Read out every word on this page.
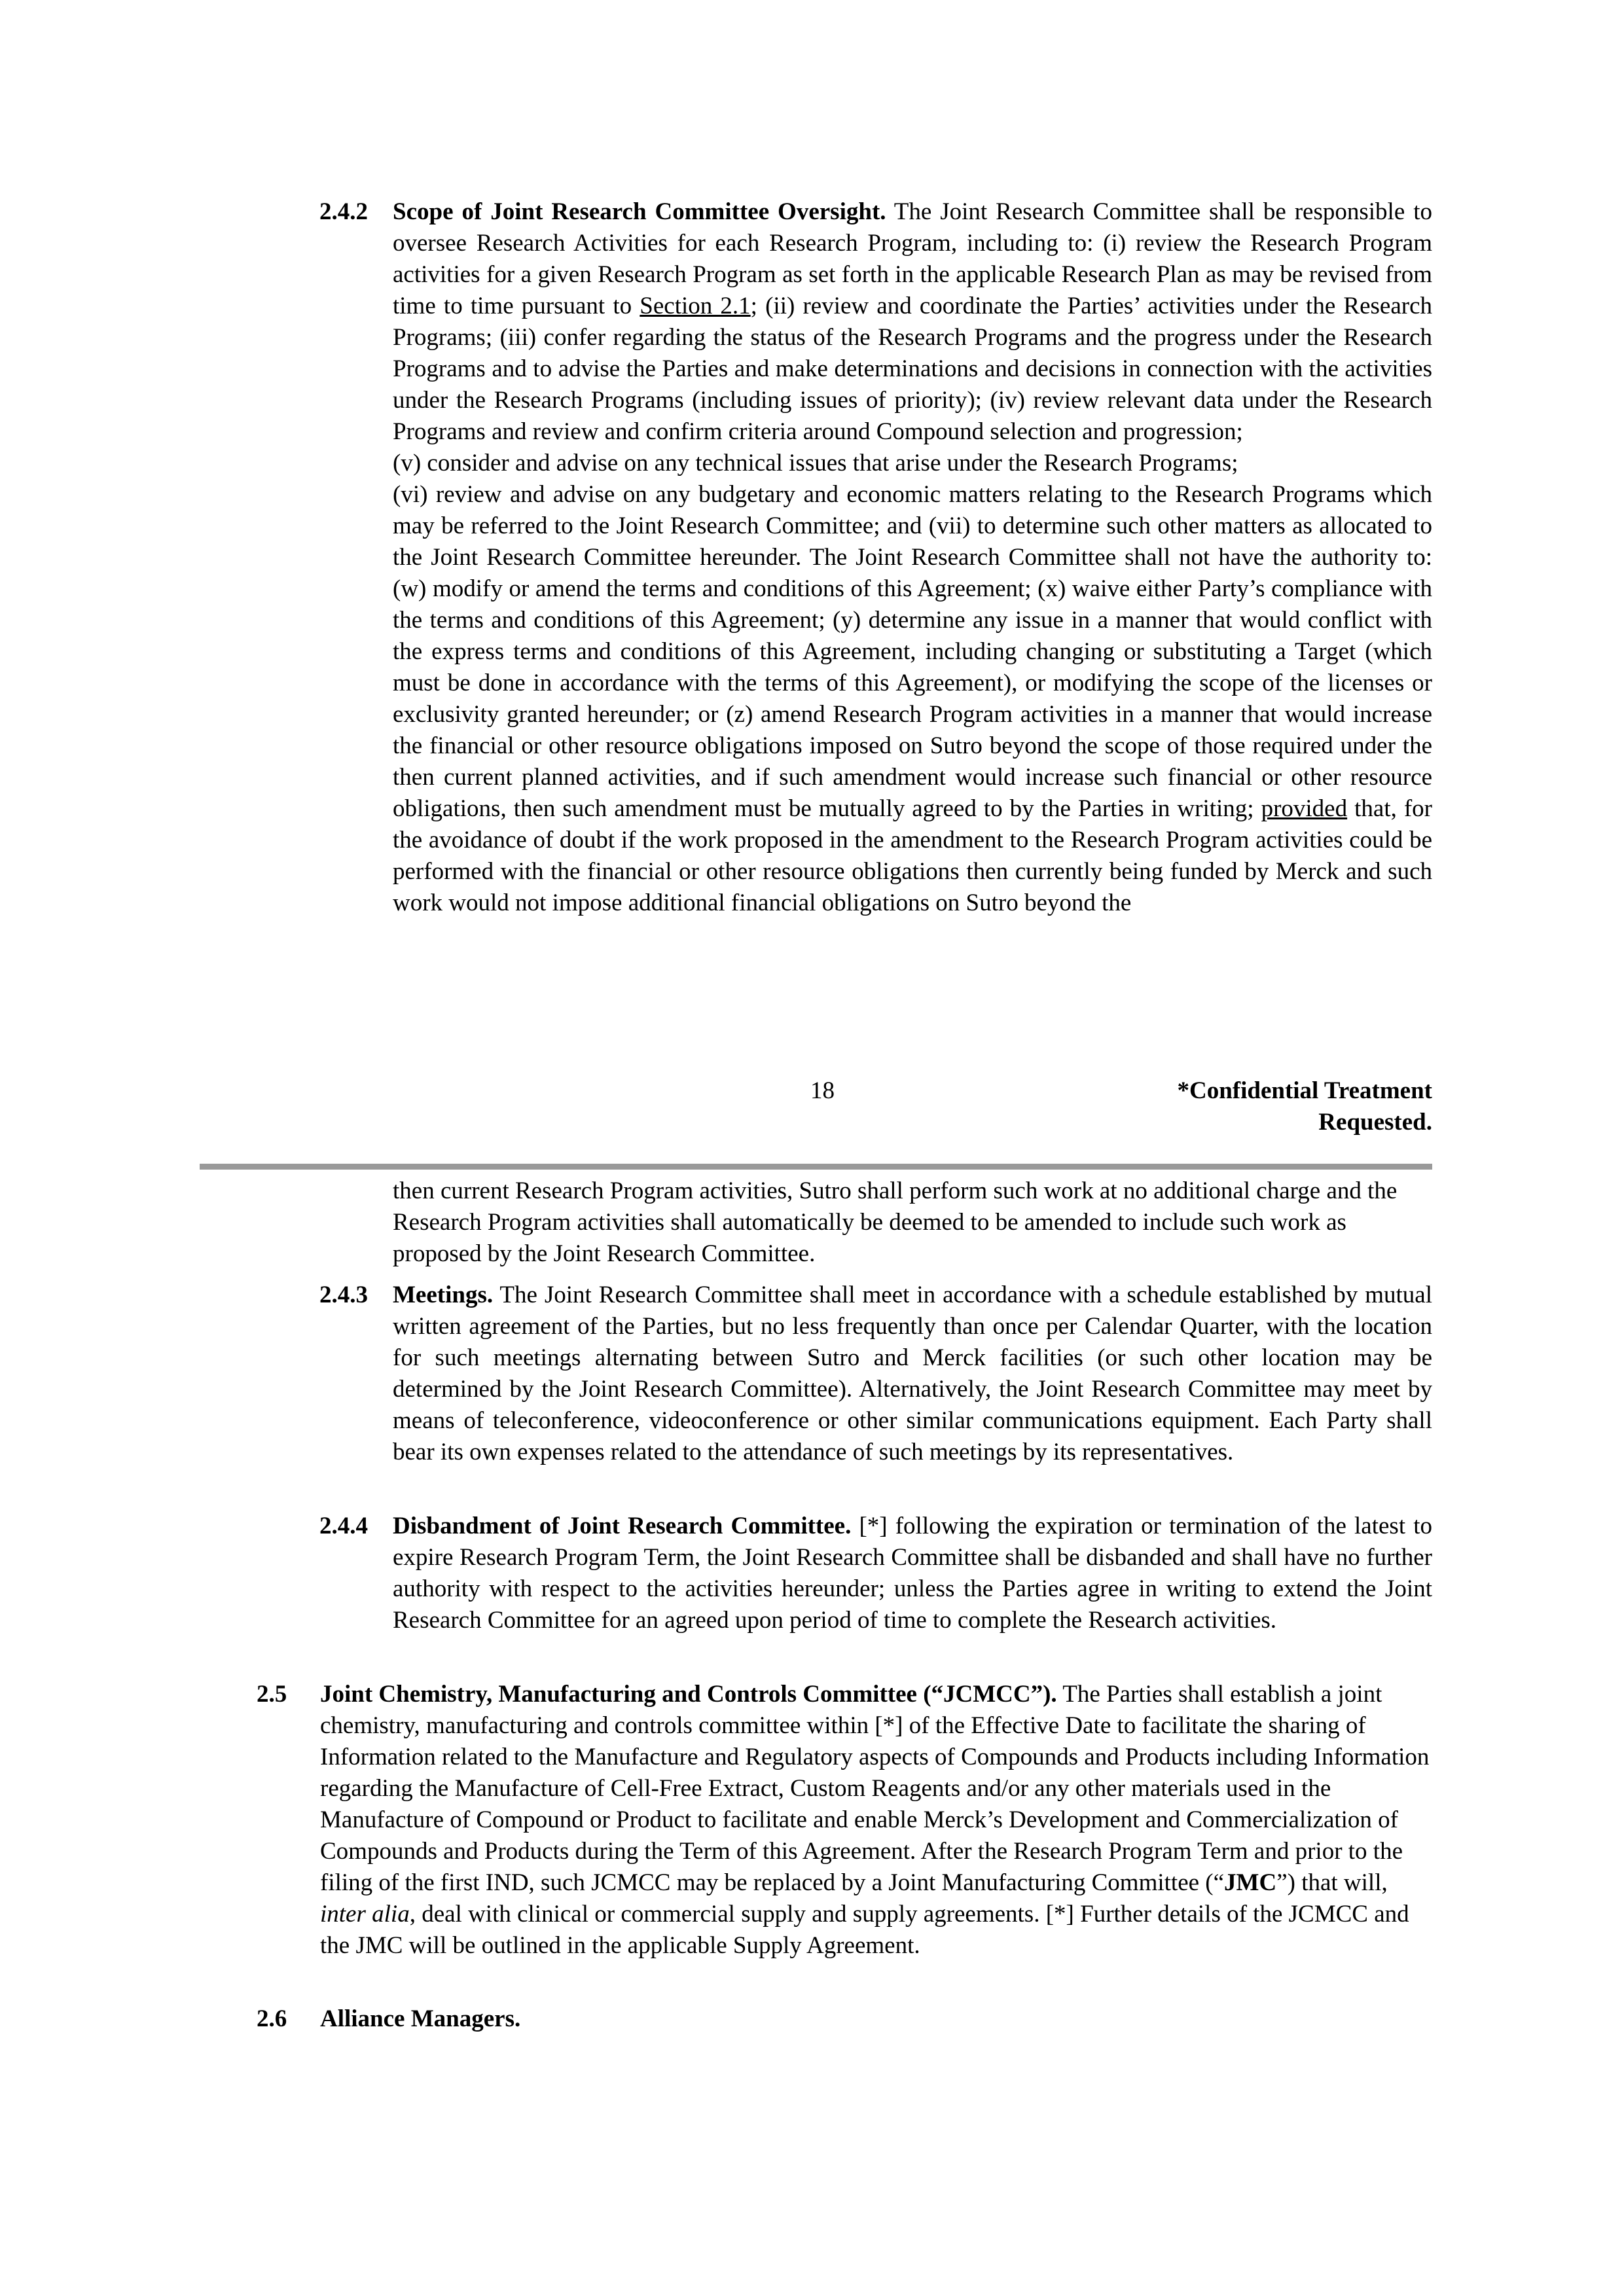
2.4.2 Scope of Joint Research Committee Oversight. The Joint Research Committee shall be responsible to oversee Research Activities for each Research Program, including to: (i) review the Research Program activities for a given Research Program as set forth in the applicable Research Plan as may be revised from time to time pursuant to Section 2.1; (ii) review and coordinate the Parties’ activities under the Research Programs; (iii) confer regarding the status of the Research Programs and the progress under the Research Programs and to advise the Parties and make determinations and decisions in connection with the activities under the Research Programs (including issues of priority); (iv) review relevant data under the Research Programs and review and confirm criteria around Compound selection and progression;
(v) consider and advise on any technical issues that arise under the Research Programs;
(vi) review and advise on any budgetary and economic matters relating to the Research Programs which may be referred to the Joint Research Committee; and (vii) to determine such other matters as allocated to the Joint Research Committee hereunder. The Joint Research Committee shall not have the authority to: (w) modify or amend the terms and conditions of this Agreement; (x) waive either Party’s compliance with the terms and conditions of this Agreement; (y) determine any issue in a manner that would conflict with the express terms and conditions of this Agreement, including changing or substituting a Target (which must be done in accordance with the terms of this Agreement), or modifying the scope of the licenses or exclusivity granted hereunder; or (z) amend Research Program activities in a manner that would increase the financial or other resource obligations imposed on Sutro beyond the scope of those required under the then current planned activities, and if such amendment would increase such financial or other resource obligations, then such amendment must be mutually agreed to by the Parties in writing; provided that, for the avoidance of doubt if the work proposed in the amendment to the Research Program activities could be performed with the financial or other resource obligations then currently being funded by Merck and such work would not impose additional financial obligations on Sutro beyond the
18	*Confidential Treatment
Requested.
then current Research Program activities, Sutro shall perform such work at no additional charge and the Research Program activities shall automatically be deemed to be amended to include such work as proposed by the Joint Research Committee.
2.4.3 Meetings. The Joint Research Committee shall meet in accordance with a schedule established by mutual written agreement of the Parties, but no less frequently than once per Calendar Quarter, with the location for such meetings alternating between Sutro and Merck facilities (or such other location may be determined by the Joint Research Committee). Alternatively, the Joint Research Committee may meet by means of teleconference, videoconference or other similar communications equipment. Each Party shall bear its own expenses related to the attendance of such meetings by its representatives.
2.4.4 Disbandment of Joint Research Committee. [*] following the expiration or termination of the latest to expire Research Program Term, the Joint Research Committee shall be disbanded and shall have no further authority with respect to the activities hereunder; unless the Parties agree in writing to extend the Joint Research Committee for an agreed upon period of time to complete the Research activities.
2.5 Joint Chemistry, Manufacturing and Controls Committee (“JCMCC”). The Parties shall establish a joint chemistry, manufacturing and controls committee within [*] of the Effective Date to facilitate the sharing of Information related to the Manufacture and Regulatory aspects of Compounds and Products including Information regarding the Manufacture of Cell-Free Extract, Custom Reagents and/or any other materials used in the Manufacture of Compound or Product to facilitate and enable Merck’s Development and Commercialization of Compounds and Products during the Term of this Agreement. After the Research Program Term and prior to the filing of the first IND, such JCMCC may be replaced by a Joint Manufacturing Committee (“JMC”) that will, inter alia, deal with clinical or commercial supply and supply agreements. [*] Further details of the JCMCC and the JMC will be outlined in the applicable Supply Agreement.
2.6 Alliance Managers.
